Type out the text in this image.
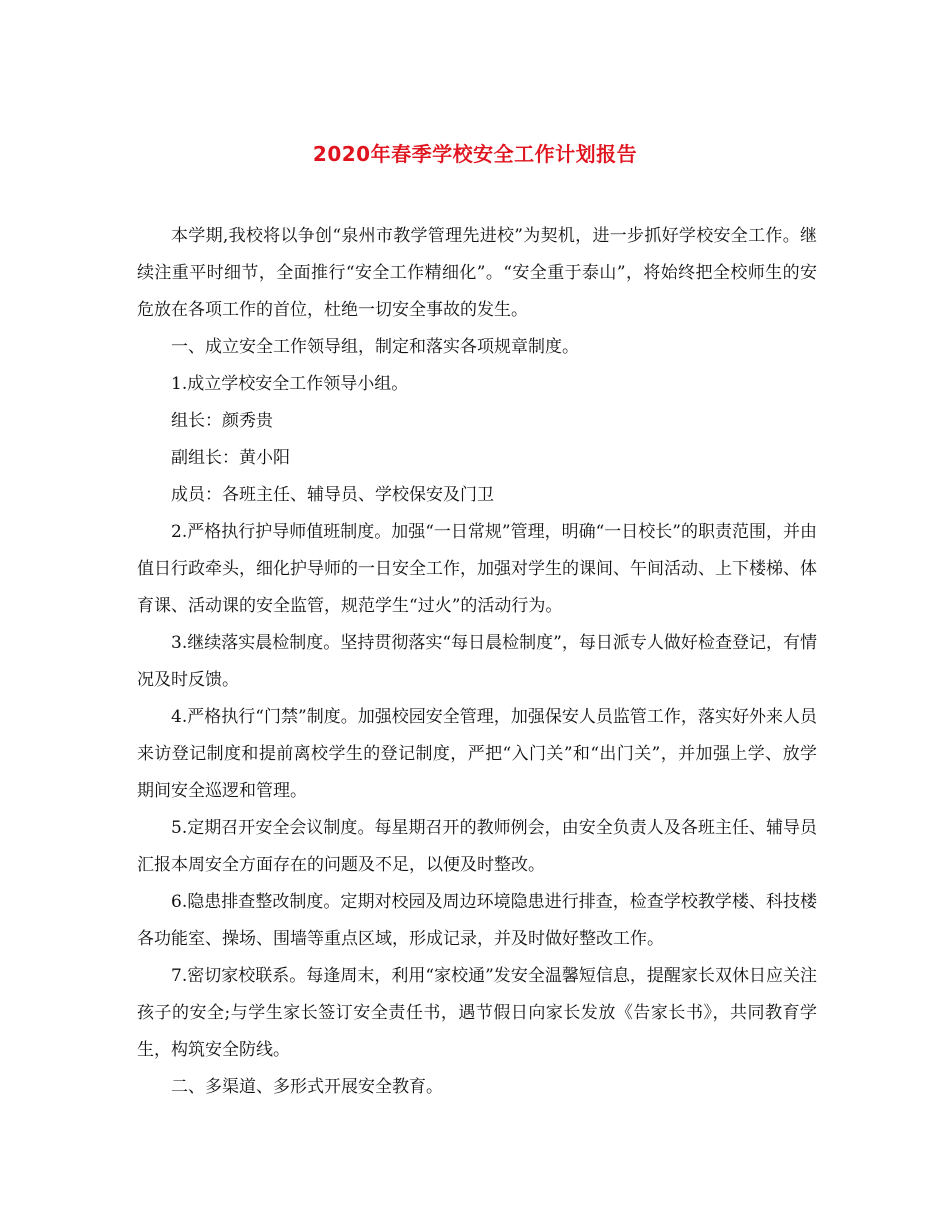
2020年春季学校安全工作计划报告

本学期,我校将以争创“泉州市教学管理先进校”为契机，进一步抓好学校安全工作。继续注重平时细节，全面推行“安全工作精细化”。“安全重于泰山”，将始终把全校师生的安危放在各项工作的首位，杜绝一切安全事故的发生。

一、成立安全工作领导组，制定和落实各项规章制度。

1.成立学校安全工作领导小组。

组长：颜秀贵

副组长：黄小阳

成员：各班主任、辅导员、学校保安及门卫

2.严格执行护导师值班制度。加强“一日常规”管理，明确“一日校长”的职责范围，并由值日行政牵头，细化护导师的一日安全工作，加强对学生的课间、午间活动、上下楼梯、体育课、活动课的安全监管，规范学生“过火”的活动行为。

3.继续落实晨检制度。坚持贯彻落实“每日晨检制度”，每日派专人做好检查登记，有情况及时反馈。

4.严格执行“门禁”制度。加强校园安全管理，加强保安人员监管工作，落实好外来人员来访登记制度和提前离校学生的登记制度，严把“入门关”和“出门关”，并加强上学、放学期间安全巡逻和管理。

5.定期召开安全会议制度。每星期召开的教师例会，由安全负责人及各班主任、辅导员汇报本周安全方面存在的问题及不足，以便及时整改。

6.隐患排查整改制度。定期对校园及周边环境隐患进行排查，检查学校教学楼、科技楼各功能室、操场、围墙等重点区域，形成记录，并及时做好整改工作。

7.密切家校联系。每逢周末，利用“家校通”发安全温馨短信息，提醒家长双休日应关注孩子的安全;与学生家长签订安全责任书，遇节假日向家长发放《告家长书》，共同教育学生，构筑安全防线。

二、多渠道、多形式开展安全教育。
